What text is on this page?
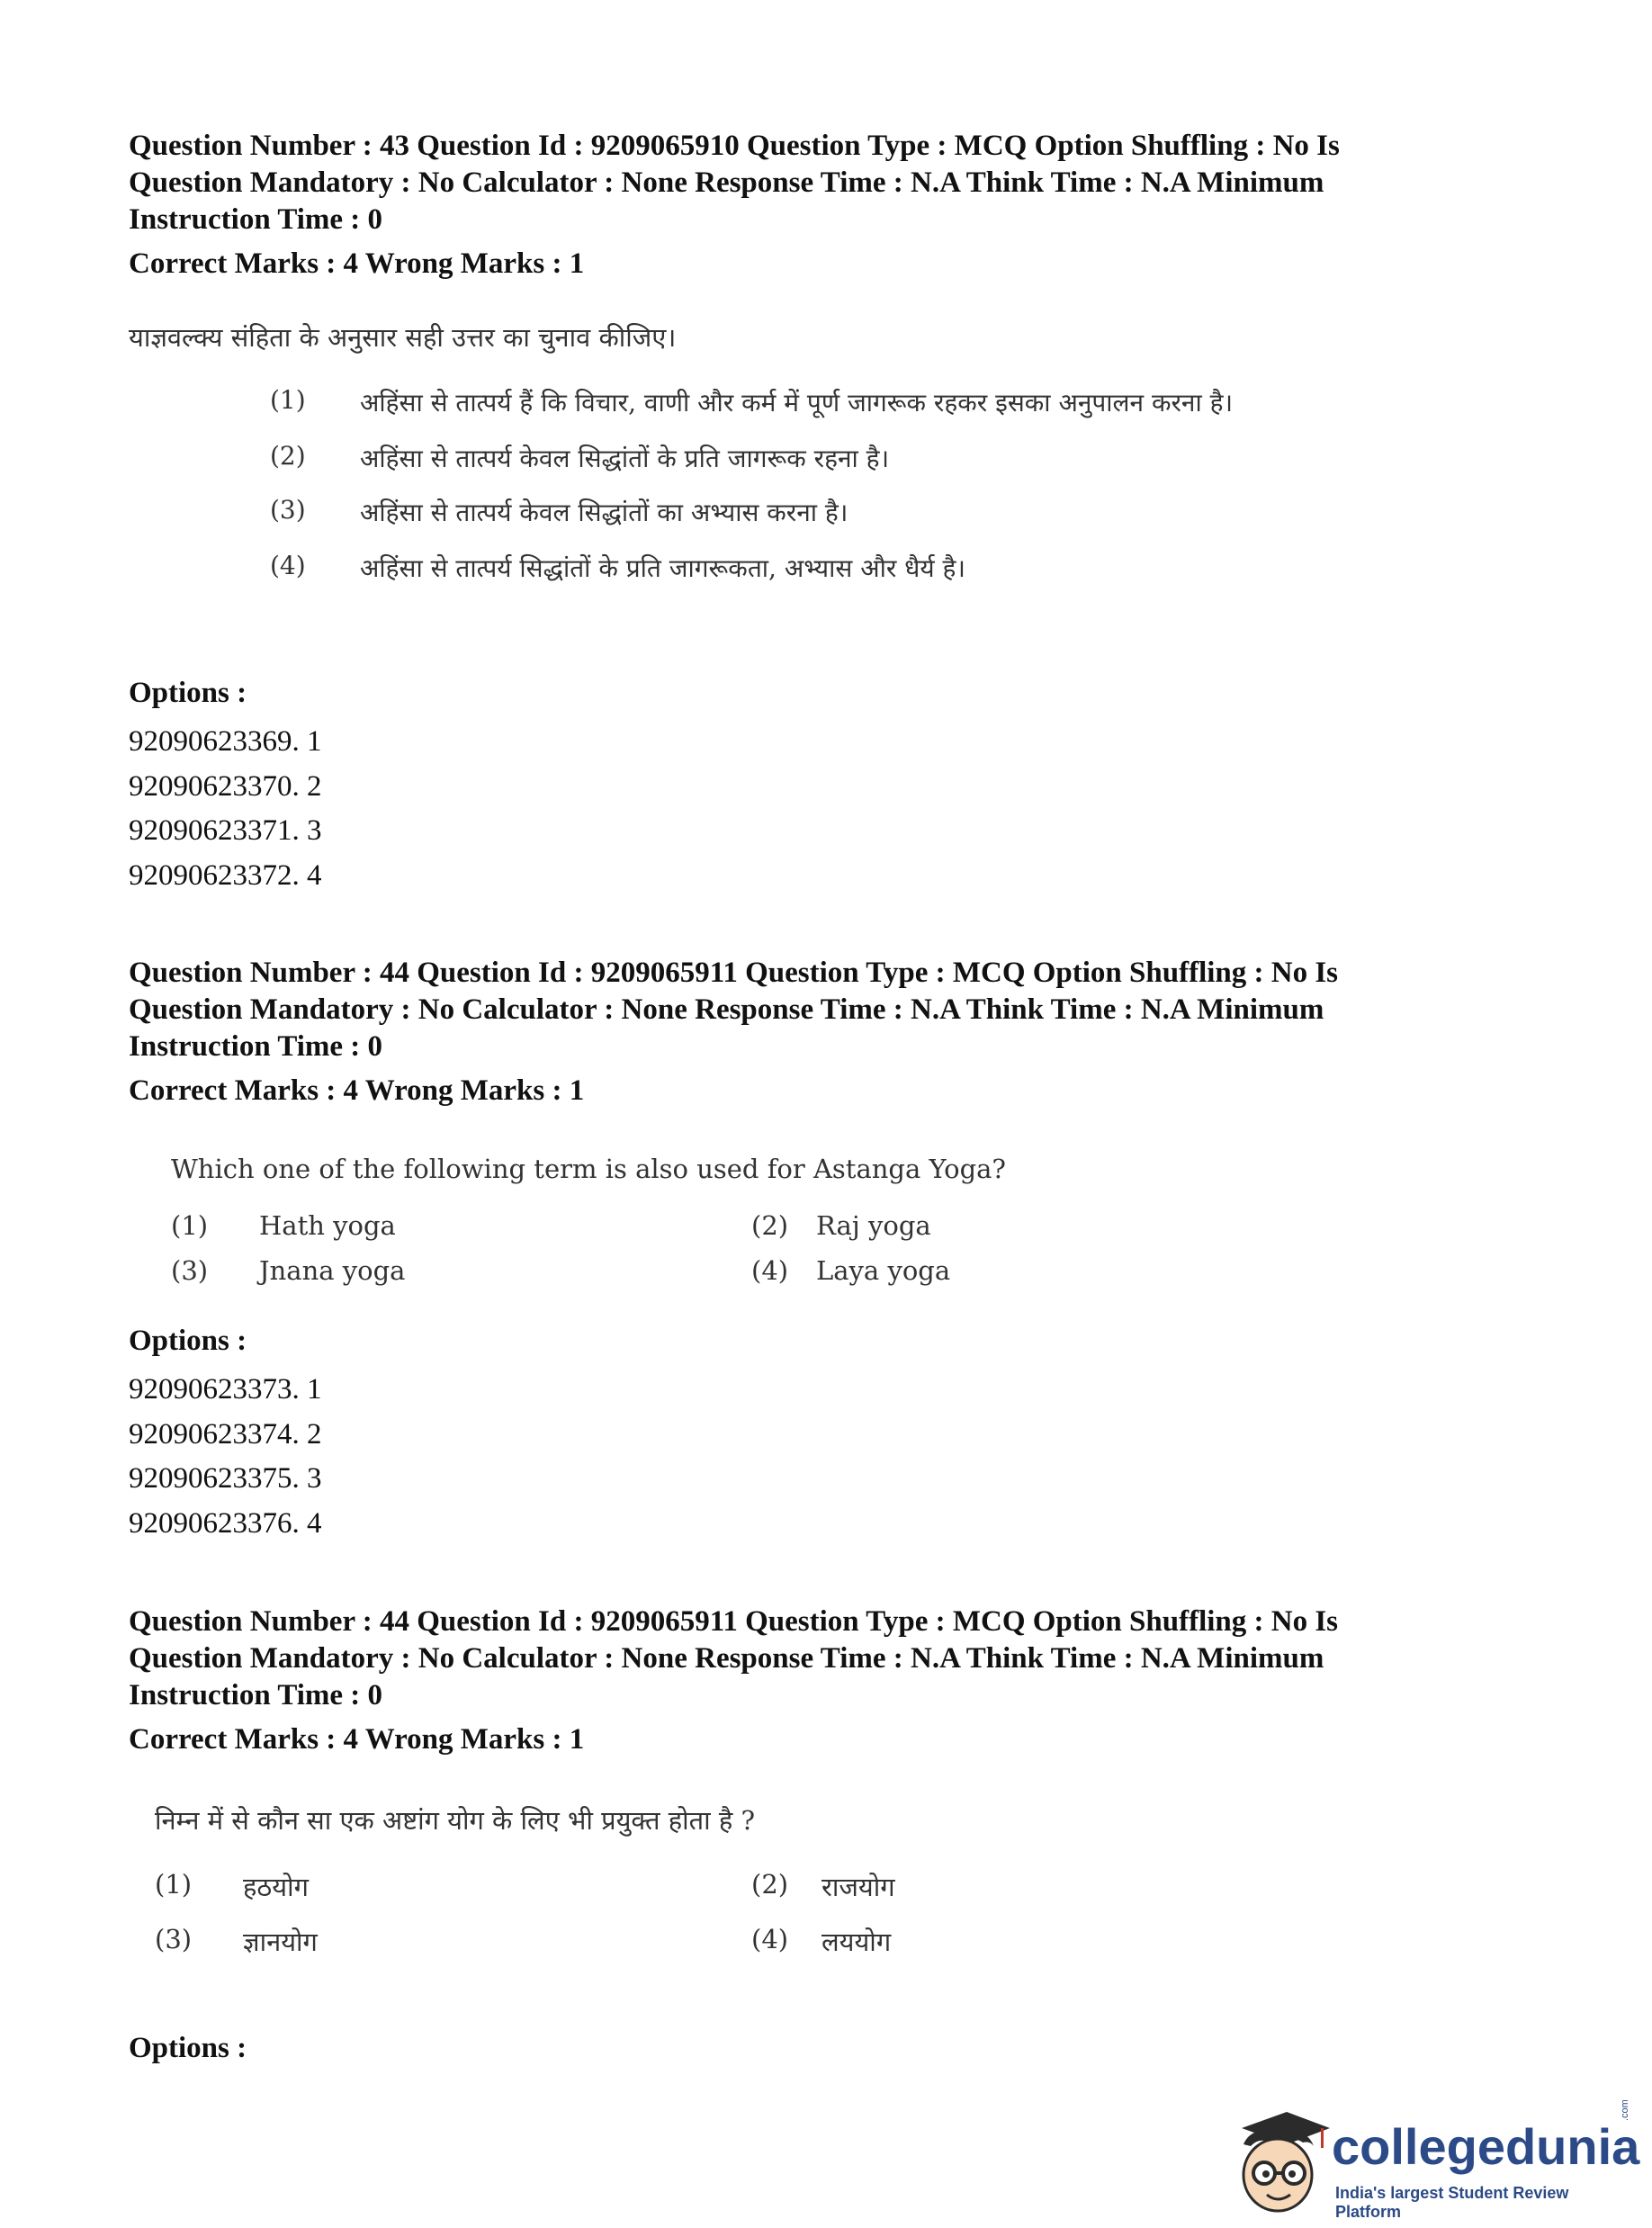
Question Number : 43 Question Id : 9209065910 Question Type : MCQ Option Shuffling : No Is

Question Mandatory : No Calculator : None Response Time : N.A Think Time : N.A Minimum

Instruction Time : 0

Correct Marks : 4 Wrong Marks : 1
याज्ञवल्क्य संहिता के अनुसार सही उत्तर का चुनाव कीजिए।
(1)	अहिंसा से तात्पर्य हैं कि विचार, वाणी और कर्म में पूर्ण जागरूक रहकर इसका अनुपालन करना है।
(2)	अहिंसा से तात्पर्य केवल सिद्धांतों के प्रति जागरूक रहना है।
(3)	अहिंसा से तात्पर्य केवल सिद्धांतों का अभ्यास करना है।
(4)	अहिंसा से तात्पर्य सिद्धांतों के प्रति जागरूकता, अभ्यास और धैर्य है।
Options :
92090623369. 1
92090623370. 2
92090623371. 3
92090623372. 4

Question Number : 44 Question Id : 9209065911 Question Type : MCQ Option Shuffling : No Is

Question Mandatory : No Calculator : None Response Time : N.A Think Time : N.A Minimum

Instruction Time : 0

Correct Marks : 4 Wrong Marks : 1
Which one of the following term is also used for Astanga Yoga?
(1)	Hath yoga	(2)	Raj yoga
(3)	Jnana yoga	(4)	Laya yoga
Options :
92090623373. 1
92090623374. 2
92090623375. 3
92090623376. 4

Question Number : 44 Question Id : 9209065911 Question Type : MCQ Option Shuffling : No Is

Question Mandatory : No Calculator : None Response Time : N.A Think Time : N.A Minimum

Instruction Time : 0

Correct Marks : 4 Wrong Marks : 1
निम्न में से कौन सा एक अष्टांग योग के लिए भी प्रयुक्त होता है ?
(1)	हठयोग	(2)	राजयोग
(3)	ज्ञानयोग	(4)	लययोग
Options :
collegedunia
.com
India's largest Student Review Platform
